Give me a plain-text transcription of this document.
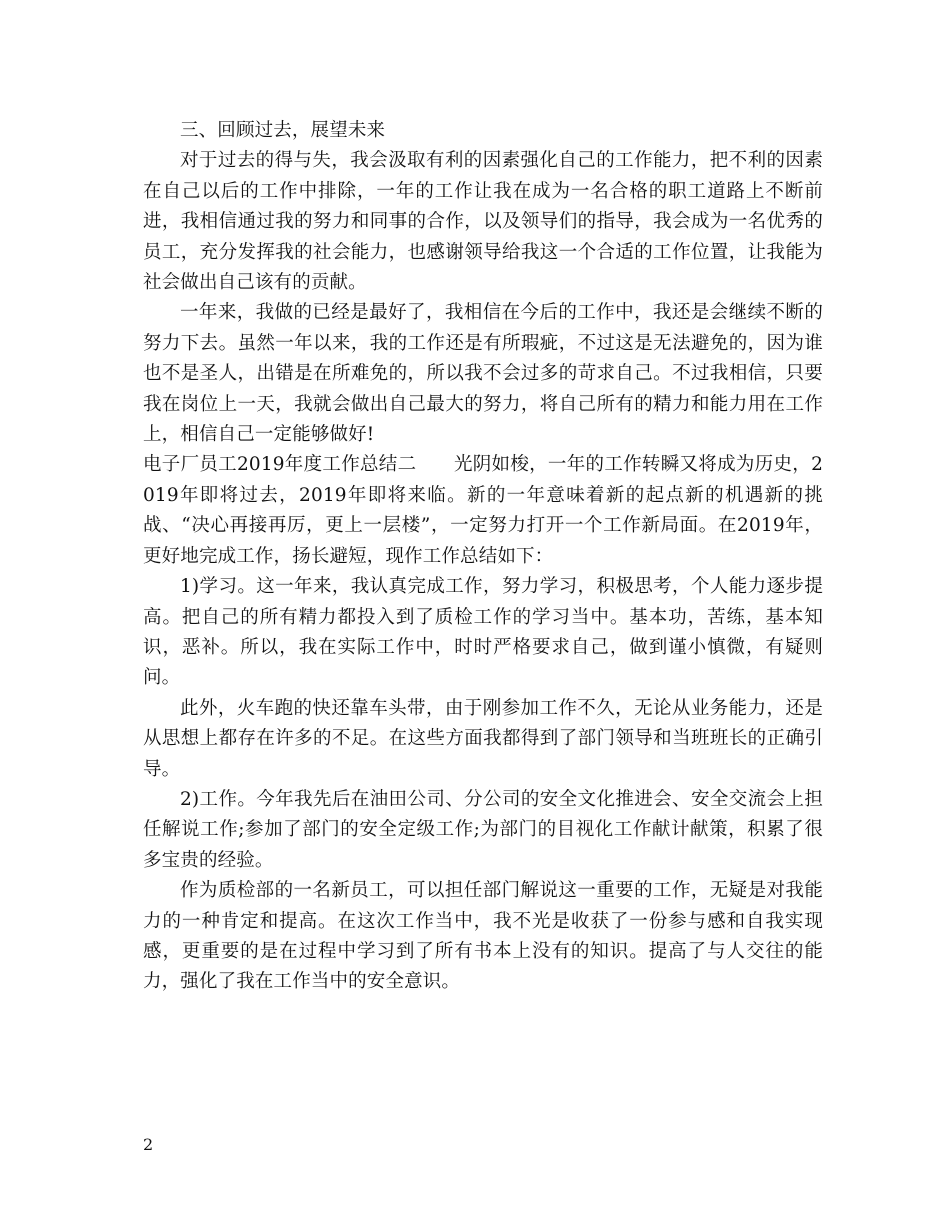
三、回顾过去，展望未来

对于过去的得与失，我会汲取有利的因素强化自己的工作能力，把不利的因素在自己以后的工作中排除，一年的工作让我在成为一名合格的职工道路上不断前进，我相信通过我的努力和同事的合作，以及领导们的指导，我会成为一名优秀的员工，充分发挥我的社会能力，也感谢领导给我这一个合适的工作位置，让我能为社会做出自己该有的贡献。

一年来，我做的已经是最好了，我相信在今后的工作中，我还是会继续不断的努力下去。虽然一年以来，我的工作还是有所瑕疵，不过这是无法避免的，因为谁也不是圣人，出错是在所难免的，所以我不会过多的苛求自己。不过我相信，只要我在岗位上一天，我就会做出自己最大的努力，将自己所有的精力和能力用在工作上，相信自己一定能够做好!

电子厂员工2019年度工作总结二　　光阴如梭，一年的工作转瞬又将成为历史，2019年即将过去，2019年即将来临。新的一年意味着新的起点新的机遇新的挑战、“决心再接再厉，更上一层楼”，一定努力打开一个工作新局面。在2019年，更好地完成工作，扬长避短，现作工作总结如下：

1)学习。这一年来，我认真完成工作，努力学习，积极思考，个人能力逐步提高。把自己的所有精力都投入到了质检工作的学习当中。基本功，苦练，基本知识，恶补。所以，我在实际工作中，时时严格要求自己，做到谨小慎微，有疑则问。

此外，火车跑的快还靠车头带，由于刚参加工作不久，无论从业务能力，还是从思想上都存在许多的不足。在这些方面我都得到了部门领导和当班班长的正确引导。

2)工作。今年我先后在油田公司、分公司的安全文化推进会、安全交流会上担任解说工作;参加了部门的安全定级工作;为部门的目视化工作献计献策，积累了很多宝贵的经验。

作为质检部的一名新员工，可以担任部门解说这一重要的工作，无疑是对我能力的一种肯定和提高。在这次工作当中，我不光是收获了一份参与感和自我实现感，更重要的是在过程中学习到了所有书本上没有的知识。提高了与人交往的能力，强化了我在工作当中的安全意识。

2
